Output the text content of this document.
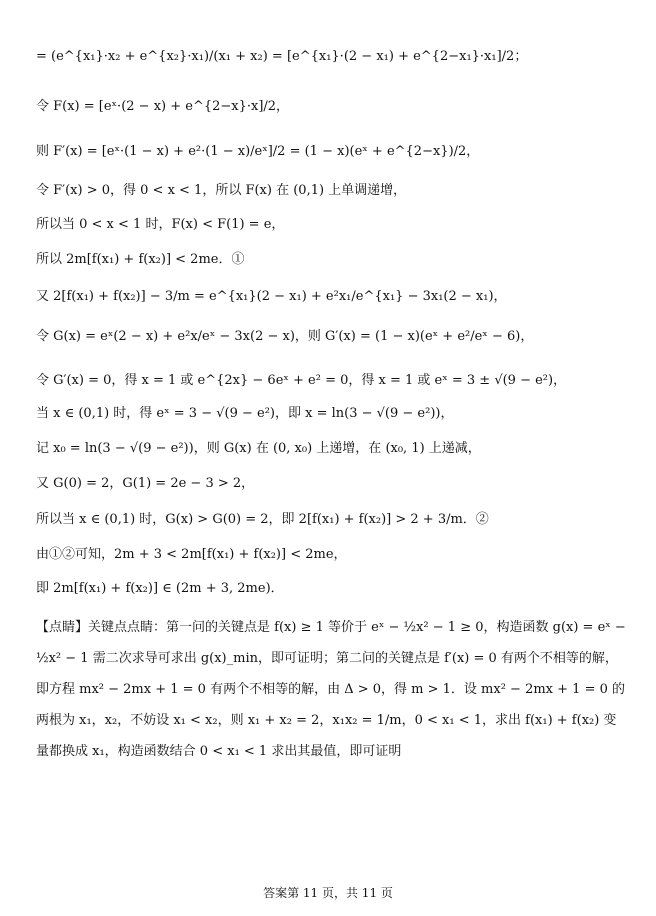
= (e^{x₁}·x₂ + e^{x₂}·x₁)/(x₁ + x₂) = [e^{x₁}·(2 − x₁) + e^{2−x₁}·x₁]/2；
令 F(x) = [eˣ·(2 − x) + e^{2−x}·x]/2，
则 F′(x) = [eˣ·(1 − x) + e²·(1 − x)/eˣ]/2 = (1 − x)(eˣ + e^{2−x})/2，
令 F′(x) > 0，得 0 < x < 1，所以 F(x) 在 (0,1) 上单调递增，
所以当 0 < x < 1 时，F(x) < F(1) = e，
所以 2m[f(x₁) + f(x₂)] < 2me．①
又 2[f(x₁) + f(x₂)] − 3/m = e^{x₁}(2 − x₁) + e²x₁/e^{x₁} − 3x₁(2 − x₁)，
令 G(x) = eˣ(2 − x) + e²x/eˣ − 3x(2 − x)，则 G′(x) = (1 − x)(eˣ + e²/eˣ − 6)，
令 G′(x) = 0，得 x = 1 或 e^{2x} − 6eˣ + e² = 0，得 x = 1 或 eˣ = 3 ± √(9 − e²)，
当 x ∈ (0,1) 时，得 eˣ = 3 − √(9 − e²)，即 x = ln(3 − √(9 − e²))，
记 x₀ = ln(3 − √(9 − e²))，则 G(x) 在 (0, x₀) 上递增，在 (x₀, 1) 上递减，
又 G(0) = 2，G(1) = 2e − 3 > 2，
所以当 x ∈ (0,1) 时，G(x) > G(0) = 2，即 2[f(x₁) + f(x₂)] > 2 + 3/m．②
由①②可知，2m + 3 < 2m[f(x₁) + f(x₂)] < 2me，
即 2m[f(x₁) + f(x₂)] ∈ (2m + 3, 2me)．
【点睛】关键点点睛：第一问的关键点是 f(x) ≥ 1 等价于 eˣ − ½x² − 1 ≥ 0，构造函数 g(x) = eˣ − ½x² − 1 需二次求导可求出 g(x)_min，即可证明；第二问的关键点是 f′(x) = 0 有两个不相等的解，即方程 mx² − 2mx + 1 = 0 有两个不相等的解，由 Δ > 0，得 m > 1．设 mx² − 2mx + 1 = 0 的两根为 x₁，x₂，不妨设 x₁ < x₂，则 x₁ + x₂ = 2，x₁x₂ = 1/m，0 < x₁ < 1，求出 f(x₁) + f(x₂) 变量都换成 x₁，构造函数结合 0 < x₁ < 1 求出其最值，即可证明
答案第 11 页，共 11 页
